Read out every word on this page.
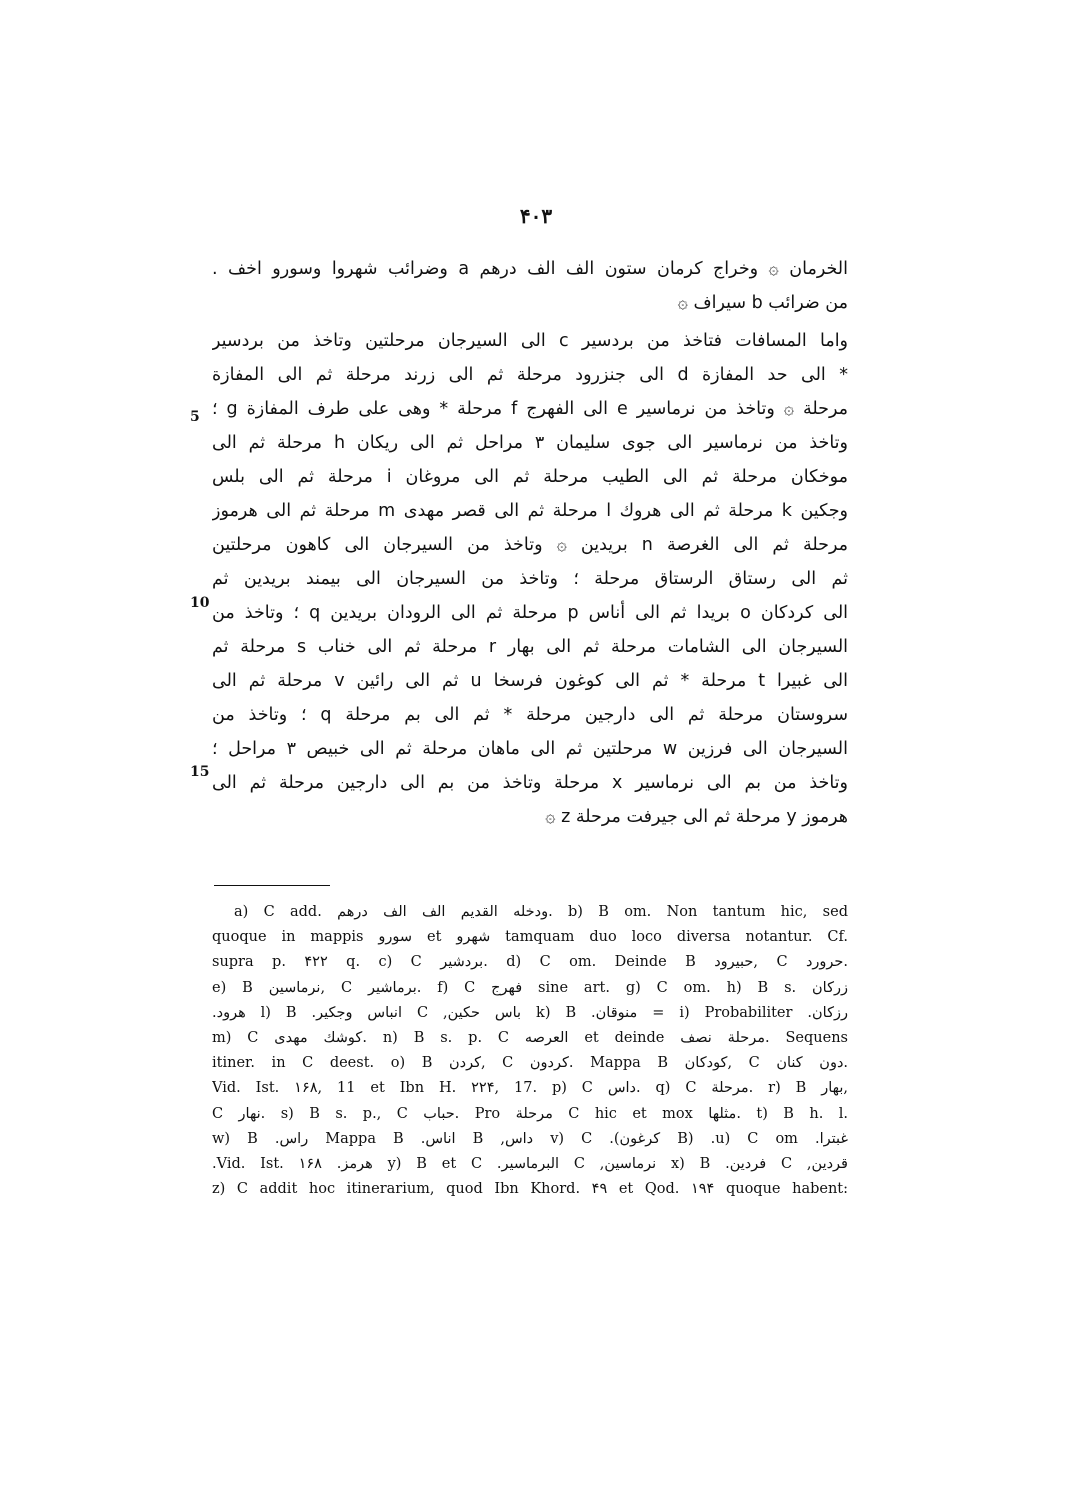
۴۰۳
الخرمان ۞ وخراج كرمان ستون الف الف درهم a وضرائب شهروا وسورو اخف .
من ضرائب b سيراف ۞
واما المسافات فتاخذ من بردسير c الى السيرجان مرحلتين وتاخذ من بردسير
* الى حد المفازة d الى جنزرود مرحلة ثم الى زرند مرحلة ثم الى المفازة
مرحلة ۞ وتاخذ من نرماسير e الى الفهرج f مرحلة * وهى على طرف المفازة g ؛
وتاخذ من نرماسير الى جوى سليمان ٣ مراحل ثم الى ريكان h مرحلة ثم الى
موخكان مرحلة ثم الى الطيب مرحلة ثم الى مروغان i مرحلة ثم الى بلس
وجكين k مرحلة ثم الى هروك l مرحلة ثم الى قصر مهدى m مرحلة ثم الى هرموز
مرحلة ثم الى الغرصة n بريدين ۞ وتاخذ من السيرجان الى كاهون مرحلتين
ثم الى رستاق الرستاق مرحلة ؛ وتاخذ من السيرجان الى بيمند بريدين ثم
الى كردكان o بريدا ثم الى أناس p مرحلة ثم الى الرودان بريدين q ؛ وتاخذ من
السيرجان الى الشامات مرحلة ثم الى بهار r مرحلة ثم الى خناب s مرحلة ثم
الى غبيرا t مرحلة * ثم الى كوغون فرسخا u ثم الى رائين v مرحلة ثم الى
سروستان مرحلة ثم الى دارجين مرحلة * ثم الى بم مرحلة q ؛ وتاخذ من
السيرجان الى فرزين w مرحلتين ثم الى ماهان مرحلة ثم الى خبيص ٣ مراحل ؛
وتاخذ من بم الى نرماسير x مرحلة وتاخذ من بم الى دارجين مرحلة ثم الى
هرموز y مرحلة ثم الى جيرفت مرحلة z ۞
5
10
15
a) C add. ودخله القديم الف الف درهم. b) B om. Non tantum hic, sed
quoque in mappis سورو et شهرو tamquam duo loco diversa notantur. Cf.
supra p. ۴۲۲ q. c) C بردشير. d) C om. Deinde B حبيرود, C حرورد.
e) B نرماسين, C برماشير. f) C فهرج sine art. g) C om. h) B s. زركان
رزكان. i) Probabiliter = منوقان. k) B باس حكين, C انباس وجكير. l) B هرود.
m) C كوشك مهدى. n) B s. p. C العرصه et deinde مرحلة نصف. Sequens
itiner. in C deest. o) B كردن, C كردون. Mappa B كودكان, C دون كنان.
Vid. Ist. ۱۶۸, 11 et Ibn H. ۲۲۴, 17. p) C داس. q) C مرحلة. r) B بهار,
C نهار. s) B s. p., C حباب. Pro مرحلة C hic et mox مثلها. t) B h. l.
غبترا. u) C om. (B كرغون). v) C داس, B اناس. Mappa B راس. w) B
قردين, C فردين. x) B نرماسين, C البرماسير. y) B et C هرمز. Vid. Ist. ۱۶۸.
z) C addit hoc itinerarium, quod Ibn Khord. ۴۹ et Qod. ۱۹۴ quoque habent:
